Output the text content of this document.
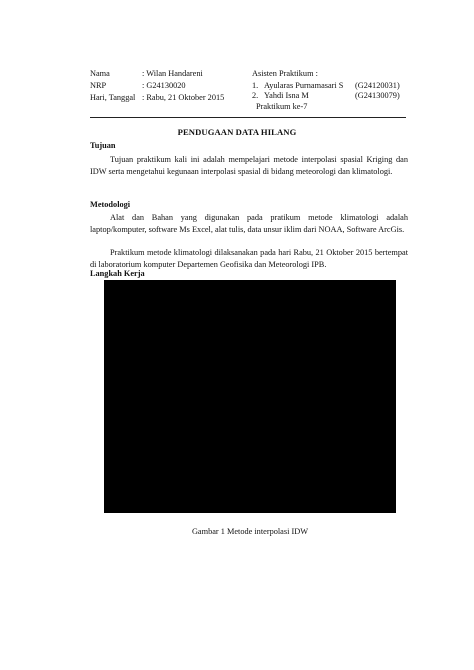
Nama	: Wilan Handareni
NRP	: G24130020
Hari, Tanggal : Rabu, 21 Oktober 2015
Asisten Praktikum :
1. Ayularas Purnamasari S (G24120031)
2. Yahdi Isna M	(G24130079)
Praktikum ke-7
PENDUGAAN DATA HILANG
Tujuan
Tujuan praktikum kali ini adalah mempelajari metode interpolasi spasial Kriging dan IDW serta mengetahui kegunaan interpolasi spasial di bidang meteorologi dan klimatologi.
Metodologi
Alat dan Bahan yang digunakan pada pratikum metode klimatologi adalah laptop/komputer, software Ms Excel, alat tulis, data unsur iklim dari NOAA, Software ArcGis.
Praktikum metode klimatologi dilaksanakan pada hari Rabu, 21 Oktober 2015 bertempat di laboratorium komputer Departemen Geofisika dan Meteorologi IPB.
Langkah Kerja
Gambar 1 Metode interpolasi IDW
